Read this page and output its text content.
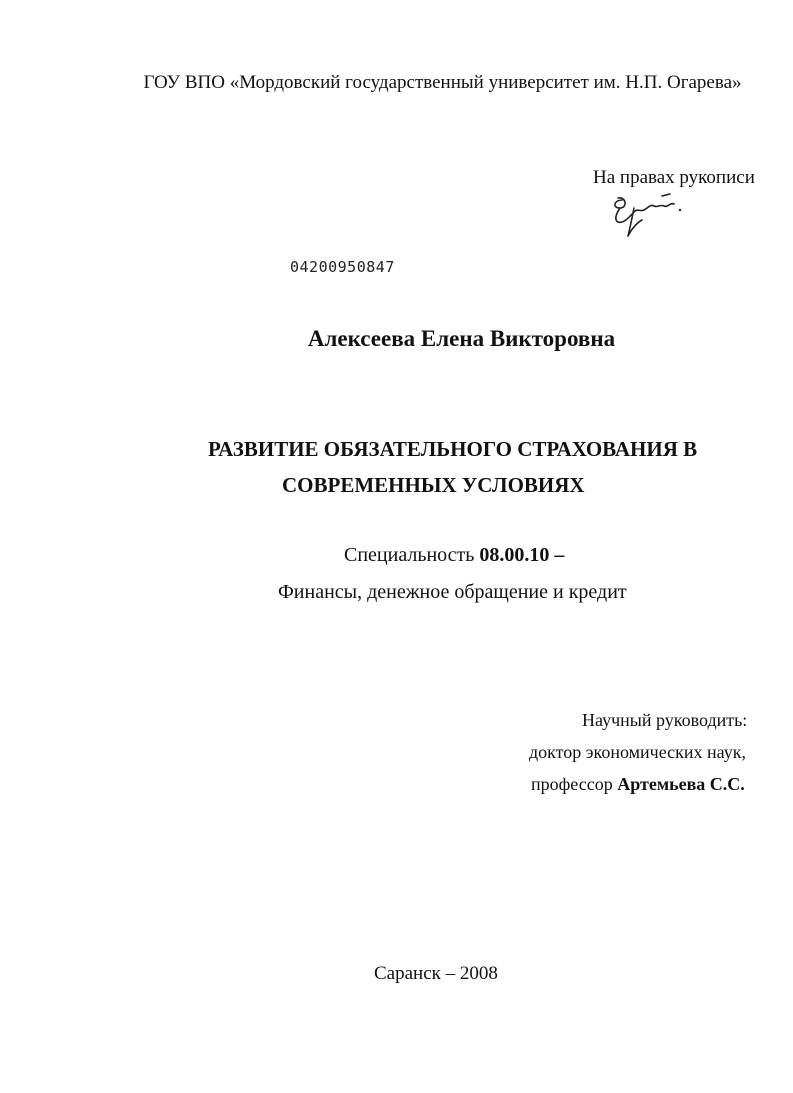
ГОУ ВПО «Мордовский государственный университет им. Н.П. Огарева»
На правах рукописи
04200950847
Алексеева Елена Викторовна
РАЗВИТИЕ ОБЯЗАТЕЛЬНОГО СТРАХОВАНИЯ В
СОВРЕМЕННЫХ УСЛОВИЯХ
Специальность 08.00.10 –
Финансы, денежное обращение и кредит
Научный руководить:
доктор экономических наук,
профессор Артемьева С.С.
Саранск – 2008
